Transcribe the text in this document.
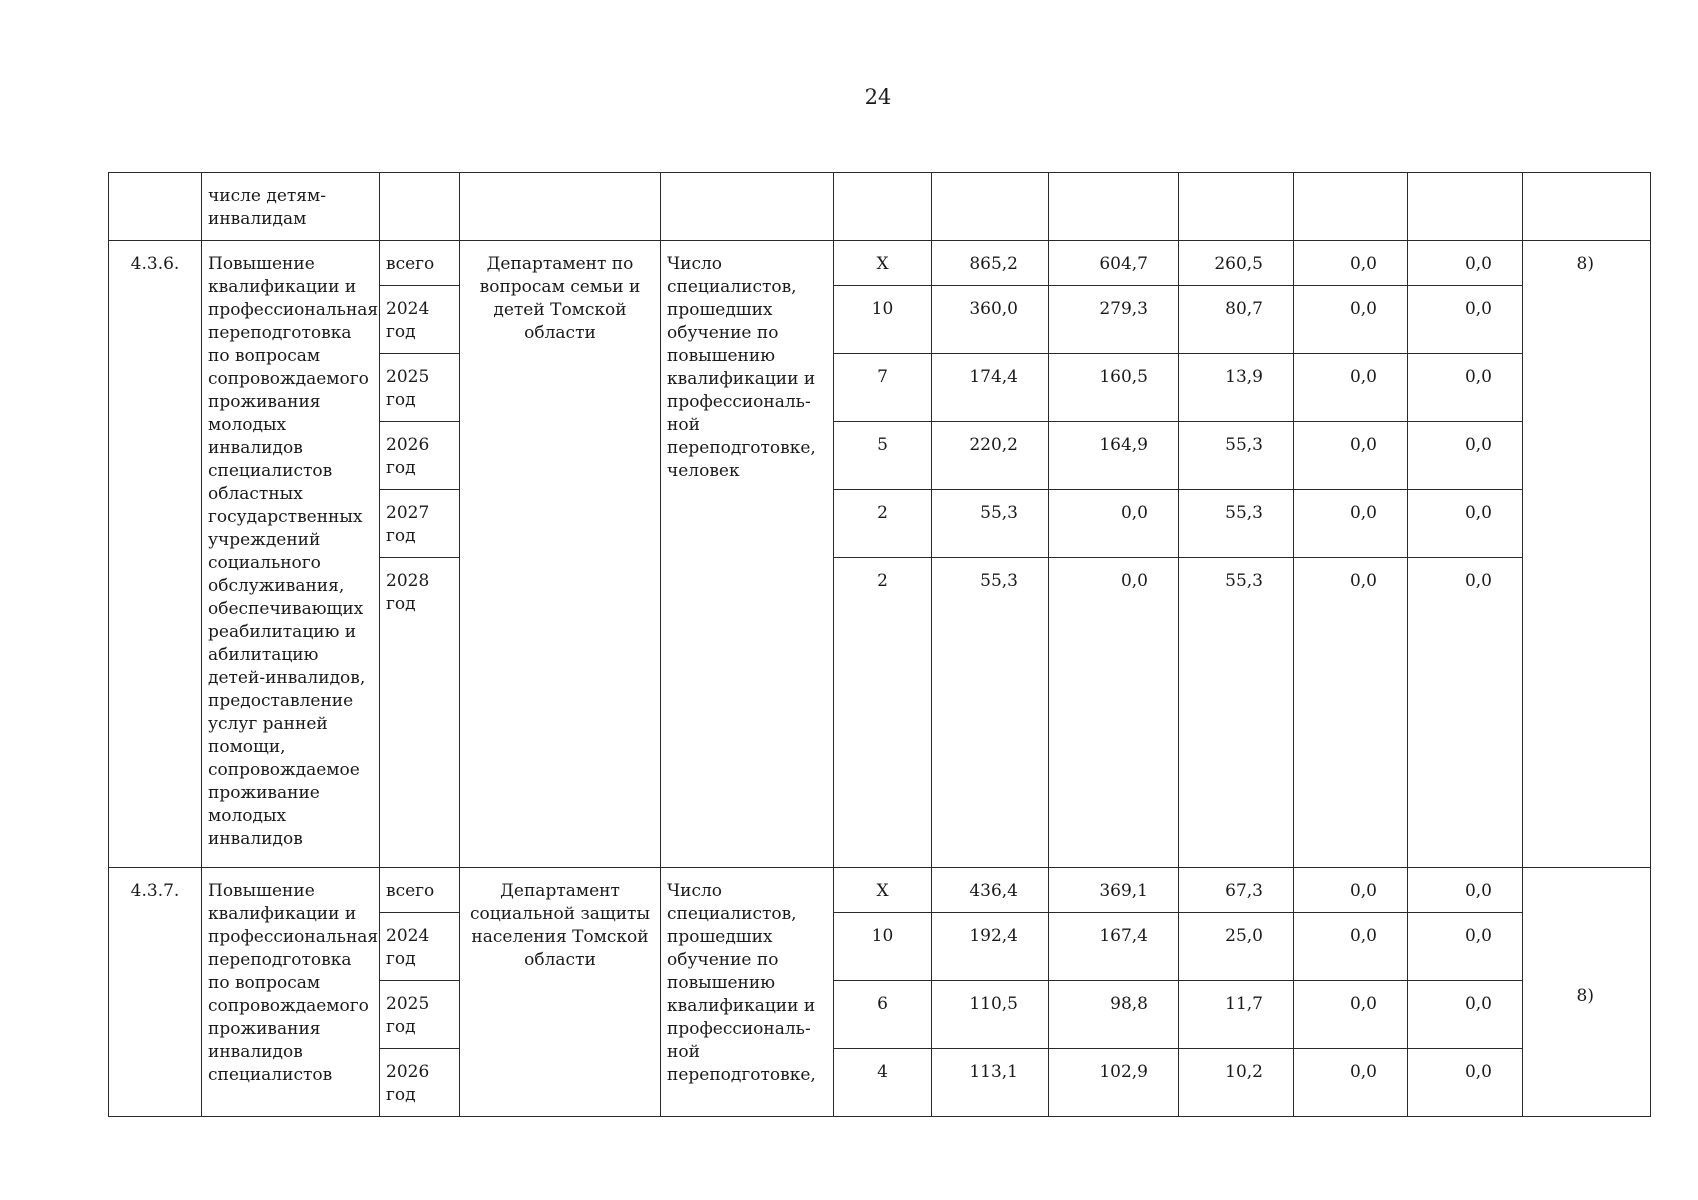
24
	числе детям-
инвалидам										
4.3.6.	Повышение квалификации и профессиональная переподготовка по вопросам сопровождаемого проживания молодых инвалидов специалистов областных государственных учреждений социального обслуживания, обеспечивающих реабилитацию и абилитацию детей-инвалидов, предоставление услуг ранней помощи, сопровождаемое проживание молодых инвалидов	всего	Департамент по вопросам семьи и детей Томской области	Число специалистов, прошедших обучение по повышению квалификации и профессиональ-ной переподготовке, человек	X	865,2	604,7	260,5	0,0	0,0	8)
		2024 год			10	360,0	279,3	80,7	0,0	0,0	
		2025 год			7	174,4	160,5	13,9	0,0	0,0	
		2026 год			5	220,2	164,9	55,3	0,0	0,0	
		2027 год			2	55,3	0,0	55,3	0,0	0,0	
		2028 год			2	55,3	0,0	55,3	0,0	0,0	
4.3.7.	Повышение квалификации и профессиональная переподготовка по вопросам сопровождаемого проживания инвалидов специалистов	всего	Департамент социальной защиты населения Томской области	Число специалистов, прошедших обучение по повышению квалификации и профессиональ-ной переподготовке,	X	436,4	369,1	67,3	0,0	0,0	8)
		2024 год			10	192,4	167,4	25,0	0,0	0,0	
		2025 год			6	110,5	98,8	11,7	0,0	0,0	
		2026 год			4	113,1	102,9	10,2	0,0	0,0	
